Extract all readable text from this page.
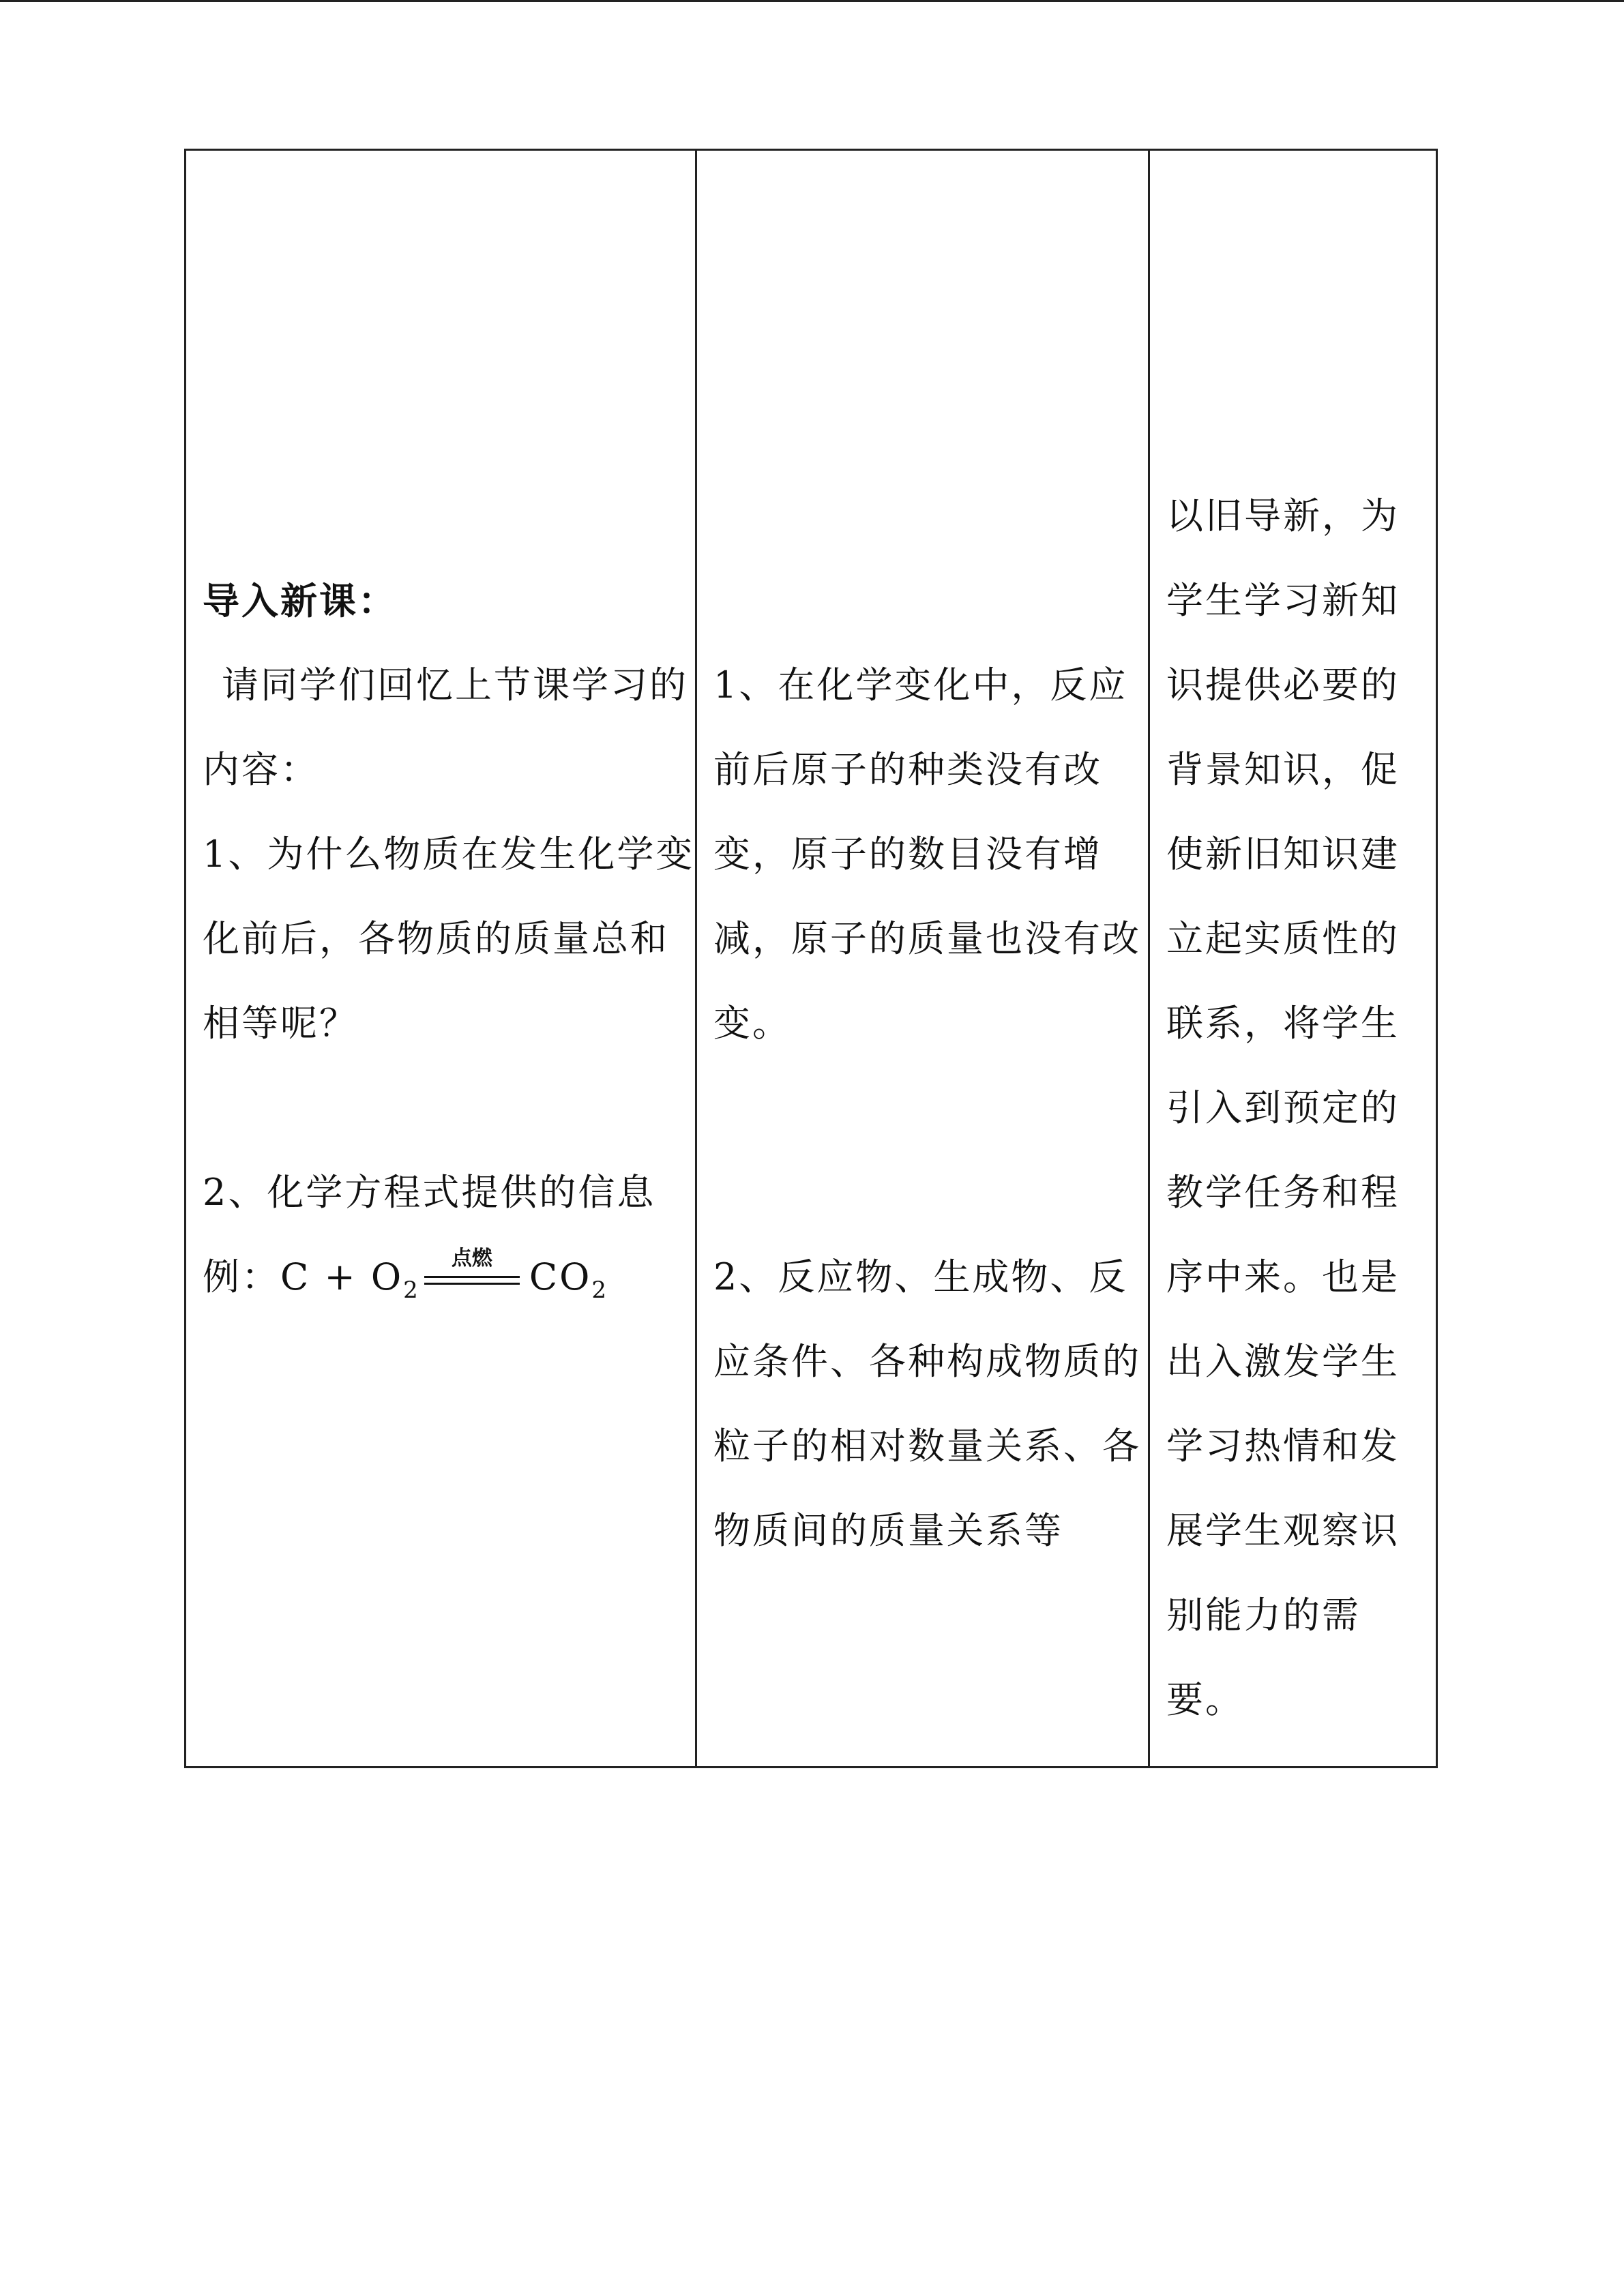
导入新课：
请同学们回忆上节课学习的
内容：
1、为什么物质在发生化学变
化前后，各物质的质量总和
相等呢？
2、化学方程式提供的信息
例：$C + O_2$
点燃	$CO_2$
1、在化学变化中，反应
前后原子的种类没有改
变，原子的数目没有增
减，原子的质量也没有改
变。
2、反应物、生成物、反
应条件、各种构成物质的
粒子的相对数量关系、各
物质间的质量关系等
以旧导新，为
学生学习新知
识提供必要的
背景知识，促
使新旧知识建
立起实质性的
联系，将学生
引入到预定的
教学任务和程
序中来。也是
出入激发学生
学习热情和发
展学生观察识
别能力的需
要。
